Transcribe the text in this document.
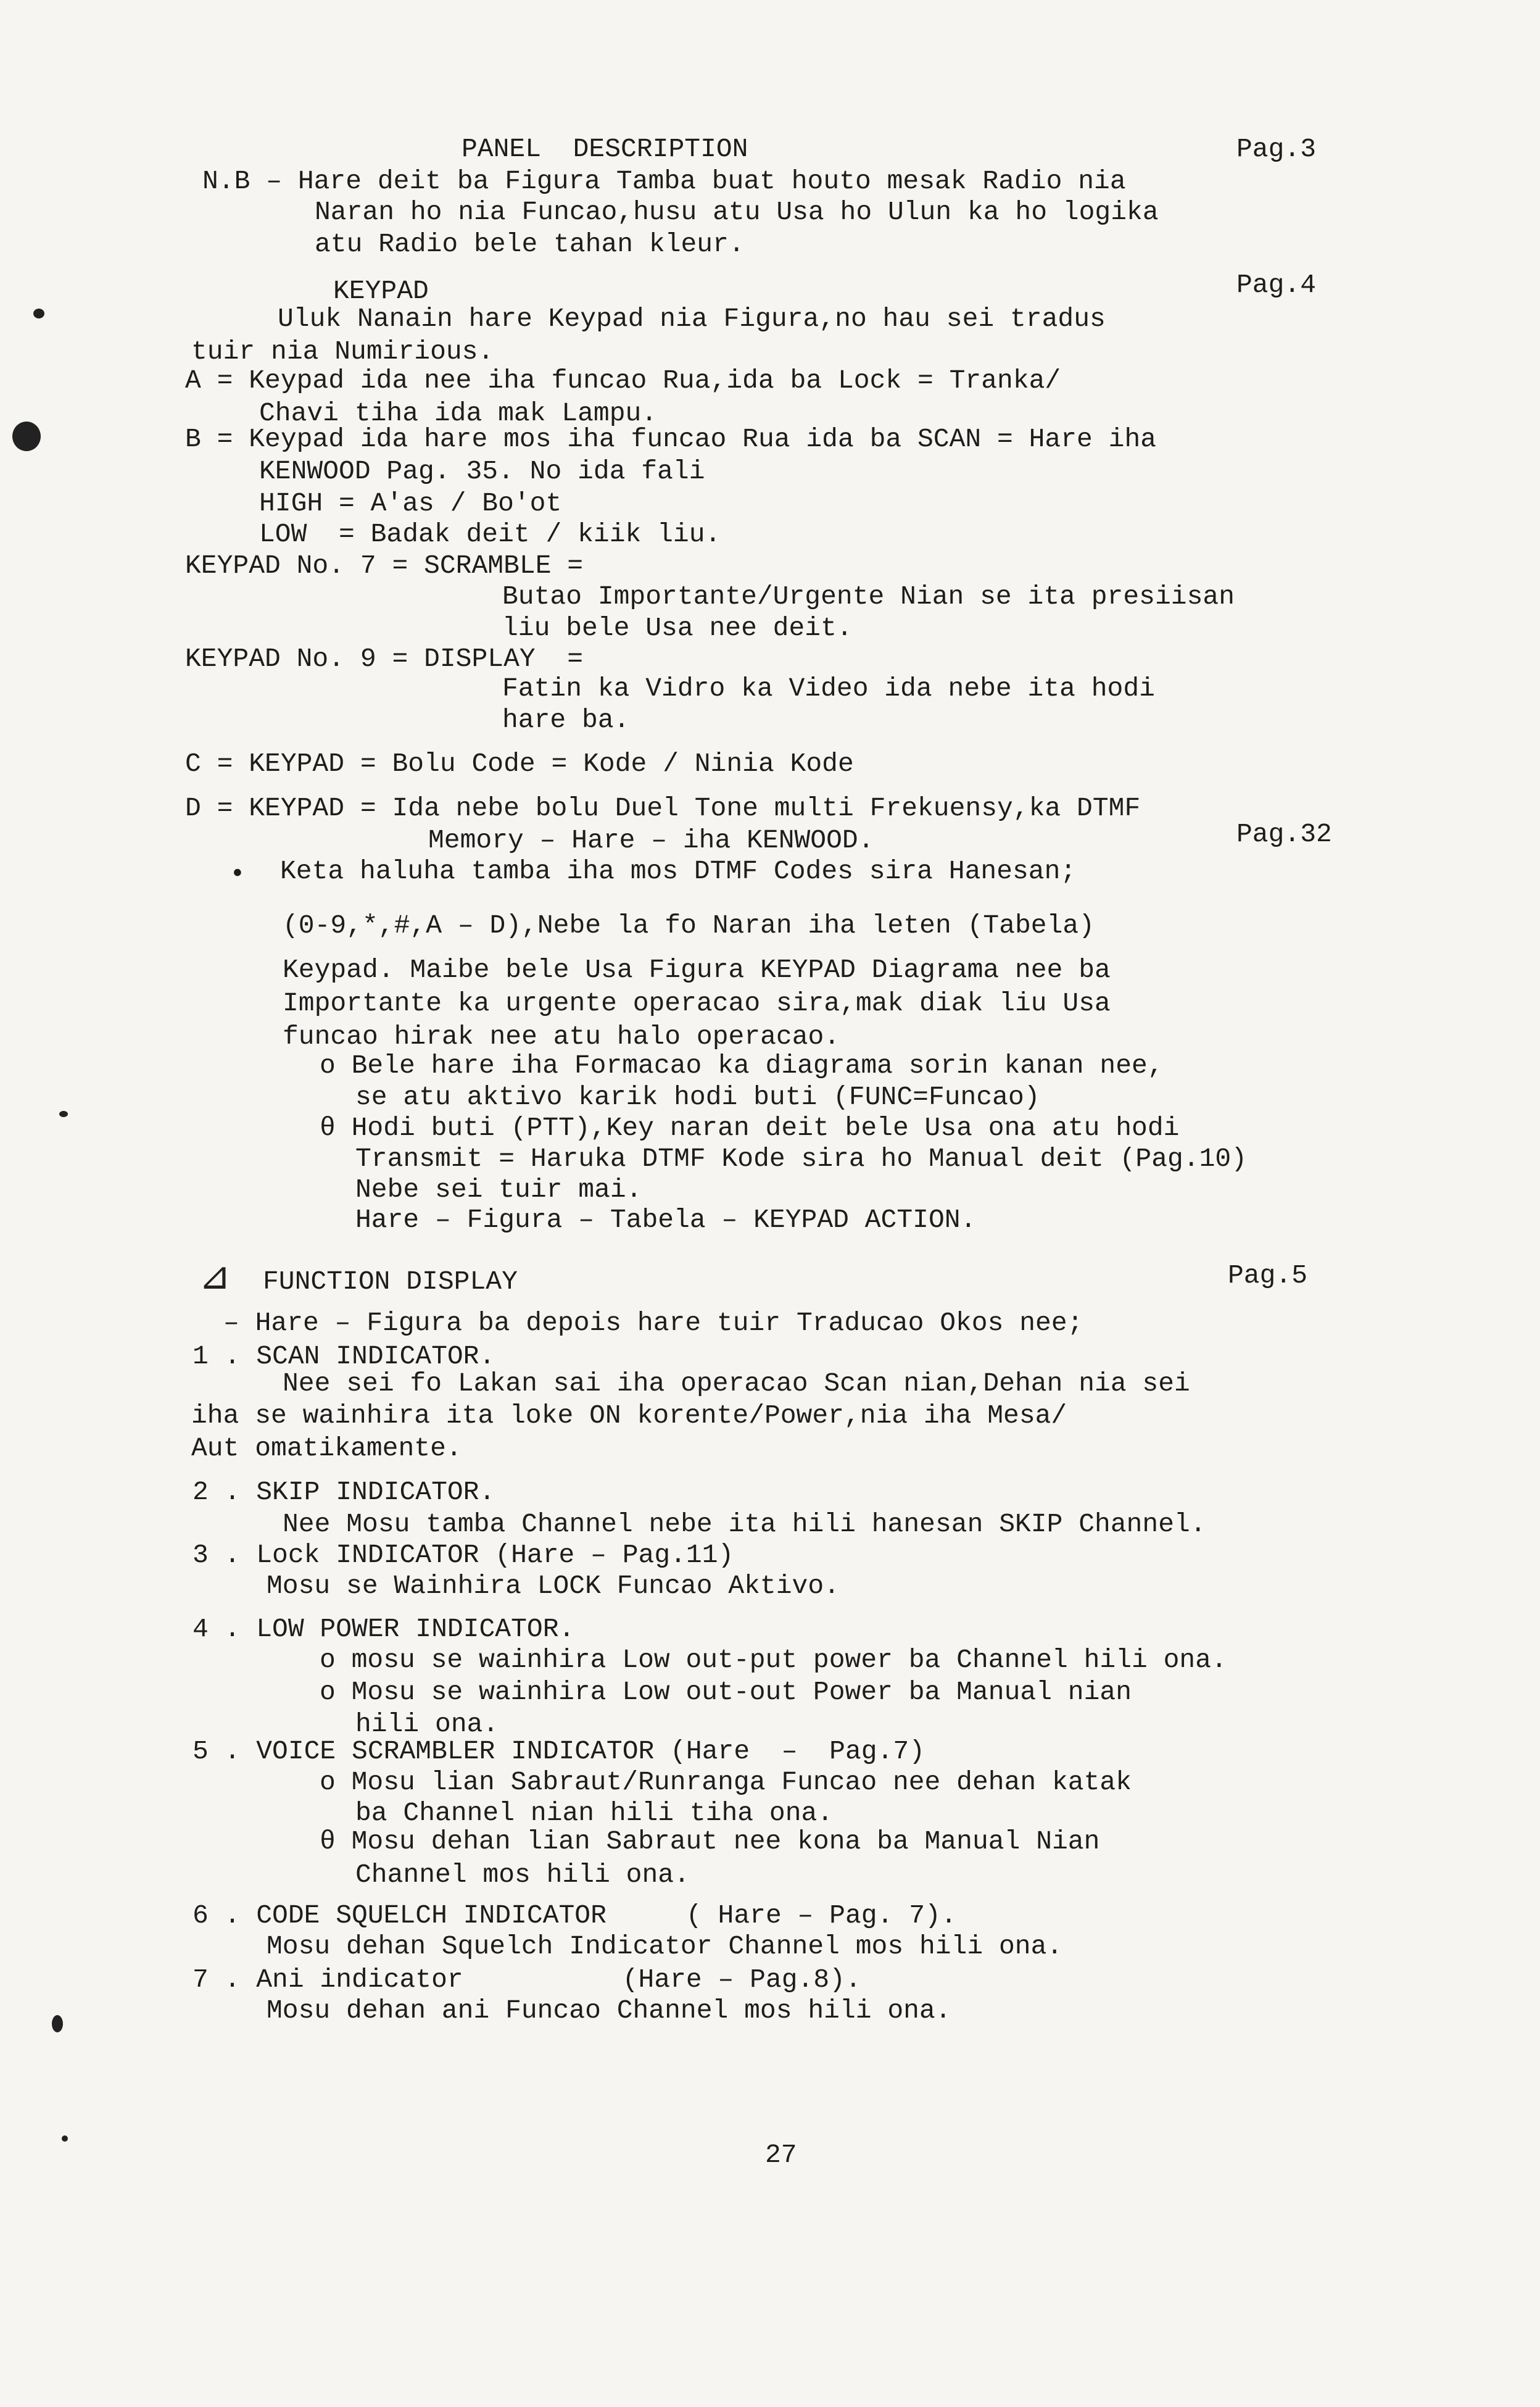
⊿
PANEL  DESCRIPTION	Pag.3
N.B – Hare deit ba Figura Tamba buat houto mesak Radio nia
Naran ho nia Funcao,husu atu Usa ho Ulun ka ho logika
atu Radio bele tahan kleur.
KEYPAD	Pag.4
Uluk Nanain hare Keypad nia Figura,no hau sei tradus
tuir nia Numirious.
A = Keypad ida nee iha funcao Rua,ida ba Lock = Tranka/
Chavi tiha ida mak Lampu.
B = Keypad ida hare mos iha funcao Rua ida ba SCAN = Hare iha
KENWOOD Pag. 35. No ida fali
HIGH = A'as / Bo'ot
LOW  = Badak deit / kiik liu.
KEYPAD No. 7 = SCRAMBLE =
Butao Importante/Urgente Nian se ita presiisan
liu bele Usa nee deit.
KEYPAD No. 9 = DISPLAY  =
Fatin ka Vidro ka Video ida nebe ita hodi
hare ba.
C = KEYPAD = Bolu Code = Kode / Ninia Kode
D = KEYPAD = Ida nebe bolu Duel Tone multi Frekuensy,ka DTMF
Memory – Hare – iha KENWOOD.	Pag.32
• Keta haluha tamba iha mos DTMF Codes sira Hanesan;
(0-9,*,#,A – D),Nebe la fo Naran iha leten (Tabela)
Keypad. Maibe bele Usa Figura KEYPAD Diagrama nee ba
Importante ka urgente operacao sira,mak diak liu Usa
funcao hirak nee atu halo operacao.
o Bele hare iha Formacao ka diagrama sorin kanan nee,
se atu aktivo karik hodi buti (FUNC=Funcao)
θ Hodi buti (PTT),Key naran deit bele Usa ona atu hodi
Transmit = Haruka DTMF Kode sira ho Manual deit (Pag.10)
Nebe sei tuir mai.
Hare – Figura – Tabela – KEYPAD ACTION.
FUNCTION DISPLAY	Pag.5
– Hare – Figura ba depois hare tuir Traducao Okos nee;
1 . SCAN INDICATOR.
Nee sei fo Lakan sai iha operacao Scan nian,Dehan nia sei
iha se wainhira ita loke ON korente/Power,nia iha Mesa/
Aut omatikamente.
2 . SKIP INDICATOR.
Nee Mosu tamba Channel nebe ita hili hanesan SKIP Channel.
3 . Lock INDICATOR (Hare – Pag.11)
Mosu se Wainhira LOCK Funcao Aktivo.
4 . LOW POWER INDICATOR.
o mosu se wainhira Low out-put power ba Channel hili ona.
o Mosu se wainhira Low out-out Power ba Manual nian
hili ona.
5 . VOICE SCRAMBLER INDICATOR (Hare  –  Pag.7)
o Mosu lian Sabraut/Runranga Funcao nee dehan katak
ba Channel nian hili tiha ona.
θ Mosu dehan lian Sabraut nee kona ba Manual Nian
Channel mos hili ona.
6 . CODE SQUELCH INDICATOR     ( Hare – Pag. 7).
Mosu dehan Squelch Indicator Channel mos hili ona.
7 . Ani indicator          (Hare – Pag.8).
Mosu dehan ani Funcao Channel mos hili ona.
27
